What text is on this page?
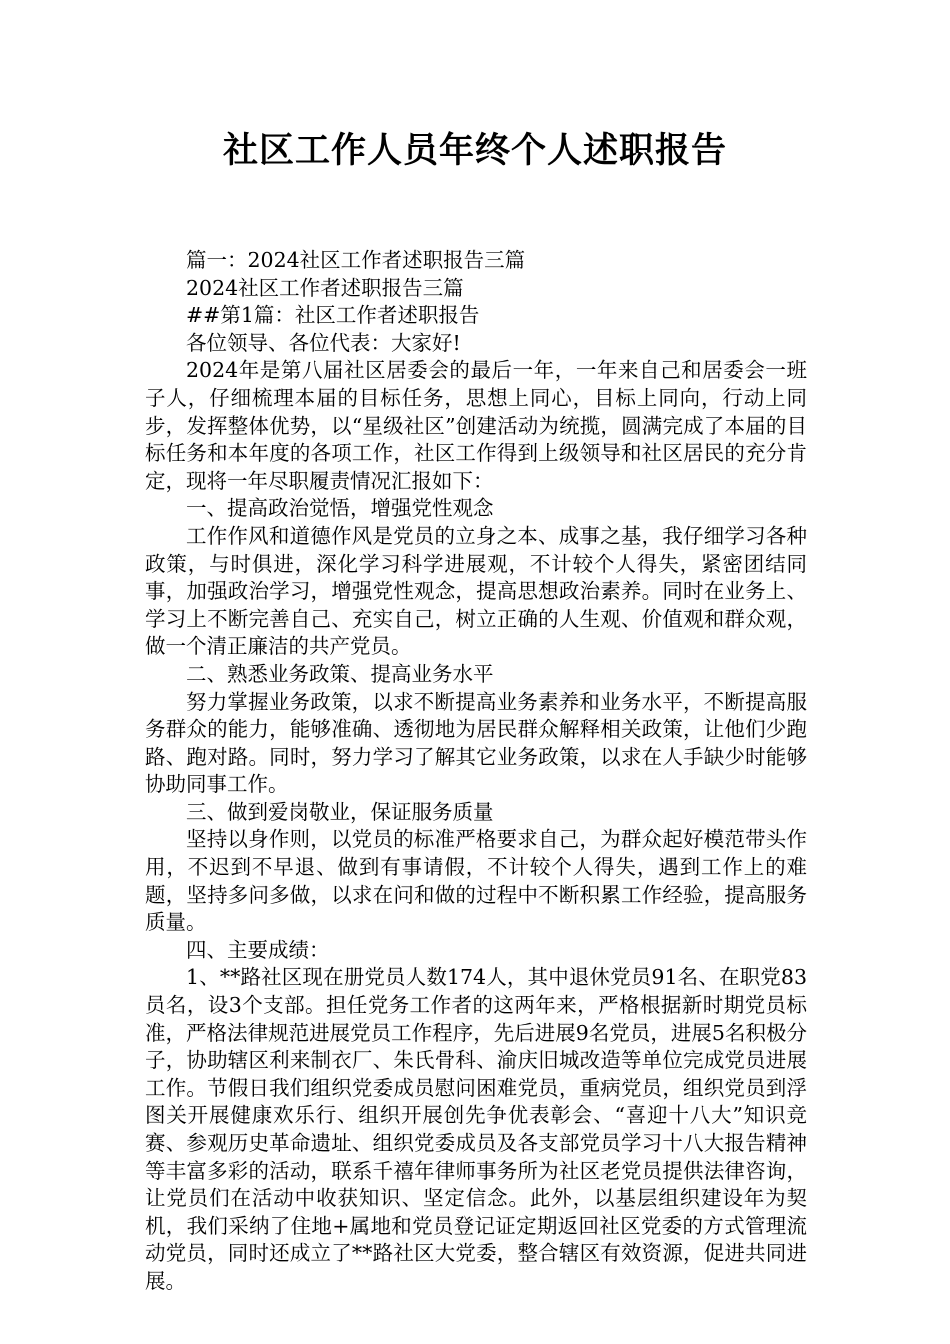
社区工作人员年终个人述职报告

篇一：2024社区工作者述职报告三篇

2024社区工作者述职报告三篇

##第1篇：社区工作者述职报告

各位领导、各位代表：大家好!

2024年是第八届社区居委会的最后一年，一年来自己和居委会一班子人，仔细梳理本届的目标任务，思想上同心，目标上同向，行动上同步，发挥整体优势，以“星级社区”创建活动为统揽，圆满完成了本届的目标任务和本年度的各项工作，社区工作得到上级领导和社区居民的充分肯定，现将一年尽职履责情况汇报如下：

一、提高政治觉悟，增强党性观念

工作作风和道德作风是党员的立身之本、成事之基，我仔细学习各种政策，与时俱进，深化学习科学进展观，不计较个人得失，紧密团结同事，加强政治学习，增强党性观念，提高思想政治素养。同时在业务上、学习上不断完善自己、充实自己，树立正确的人生观、价值观和群众观，做一个清正廉洁的共产党员。

二、熟悉业务政策、提高业务水平

努力掌握业务政策，以求不断提高业务素养和业务水平，不断提高服务群众的能力，能够准确、透彻地为居民群众解释相关政策，让他们少跑路、跑对路。同时，努力学习了解其它业务政策，以求在人手缺少时能够协助同事工作。

三、做到爱岗敬业，保证服务质量

坚持以身作则，以党员的标准严格要求自己，为群众起好模范带头作用，不迟到不早退、做到有事请假，不计较个人得失，遇到工作上的难题，坚持多问多做，以求在问和做的过程中不断积累工作经验，提高服务质量。

四、主要成绩：

1、**路社区现在册党员人数174人，其中退休党员91名、在职党83员名，设3个支部。担任党务工作者的这两年来，严格根据新时期党员标准，严格法律规范进展党员工作程序，先后进展9名党员，进展5名积极分子，协助辖区利来制衣厂、朱氏骨科、渝庆旧城改造等单位完成党员进展工作。节假日我们组织党委成员慰问困难党员，重病党员，组织党员到浮图关开展健康欢乐行、组织开展创先争优表彰会、“喜迎十八大”知识竞赛、参观历史革命遗址、组织党委成员及各支部党员学习十八大报告精神等丰富多彩的活动，联系千禧年律师事务所为社区老党员提供法律咨询，让党员们在活动中收获知识、坚定信念。此外，以基层组织建设年为契机，我们采纳了住地+属地和党员登记证定期返回社区党委的方式管理流动党员，同时还成立了**路社区大党委，整合辖区有效资源，促进共同进展。
